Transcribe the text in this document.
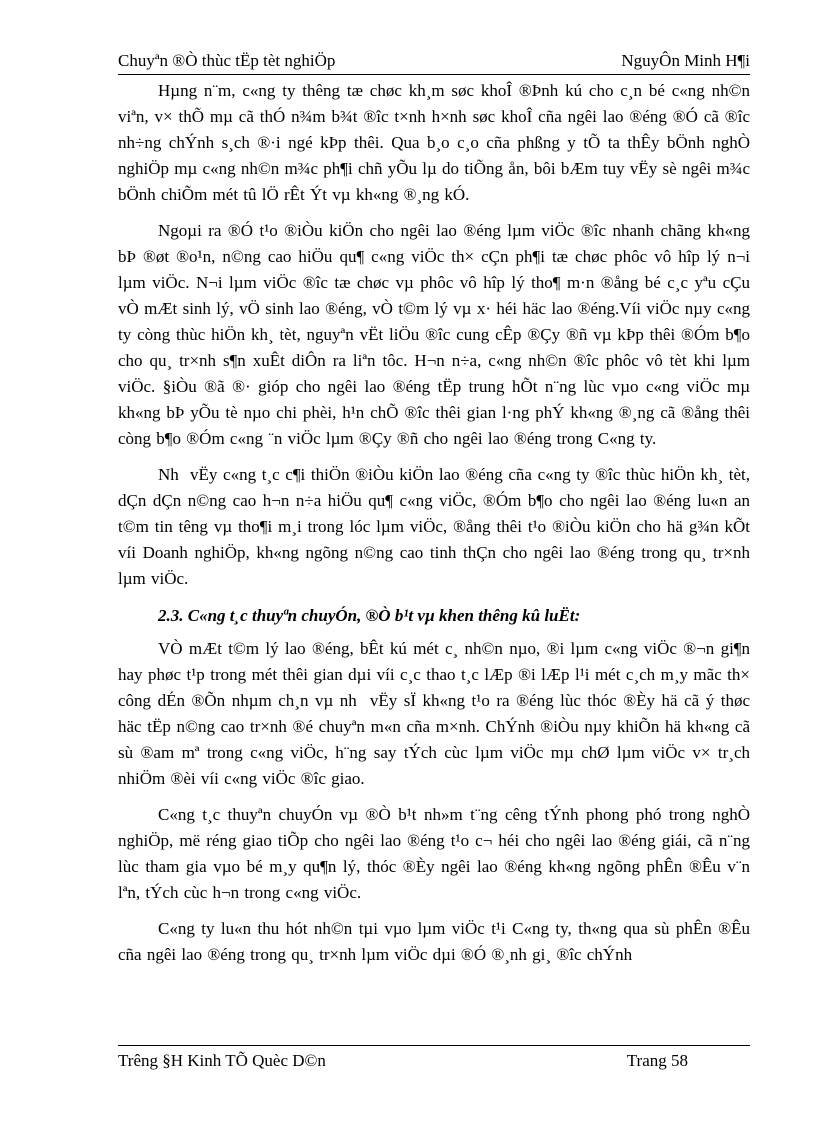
Chuyªn ®Ò thùc tËp tèt nghiÖp	NguyÔn Minh H¶i

Hµng n¨m, c«ng ty thêng tæ chøc kh¸m søc khoÎ ®Þnh kú cho c¸n bé c«ng nh©n viªn, v× thÕ mµ cã thÓ n¾m b¾t ®îc t×nh h×nh søc khoÎ cña ngêi lao ®éng ®Ó cã ®îc nh÷ng chÝnh s¸ch ®·i ngé kÞp thêi. Qua b¸o c¸o cña phßng y tÕ ta thÊy bÖnh nghÒ nghiÖp mµ c«ng nh©n m¾c ph¶i chñ yÕu lµ do tiÕng ån, bôi bÆm tuy vËy sè ngêi m¾c bÖnh chiÕm mét tû lÖ rÊt Ýt vµ kh«ng ®¸ng kÓ.

Ngoµi ra ®Ó t¹o ®iÒu kiÖn cho ngêi lao ®éng lµm viÖc ®îc nhanh chãng kh«ng bÞ ®øt ®o¹n, n©ng cao hiÖu qu¶ c«ng viÖc th× cÇn ph¶i tæ chøc phôc vô hîp lý n¬i lµm viÖc. N¬i lµm viÖc ®îc tæ chøc vµ phôc vô hîp lý tho¶ m·n ®ång bé c¸c yªu cÇu vÒ mÆt sinh lý, vÖ sinh lao ®éng, vÒ t©m lý vµ x· héi häc lao ®éng.Víi viÖc nµy c«ng ty còng thùc hiÖn kh¸ tèt, nguyªn vËt liÖu ®îc cung cÊp ®Çy ®ñ vµ kÞp thêi ®Óm b¶o cho qu¸ tr×nh s¶n xuÊt diÔn ra liªn tôc. H¬n n÷a, c«ng nh©n ®îc phôc vô tèt khi lµm viÖc. §iÒu ®ã ®· gióp cho ngêi lao ®éng tËp trung hÕt n¨ng lùc vµo c«ng viÖc mµ kh«ng bÞ yÕu tè nµo chi phèi, h¹n chÕ ®îc thêi gian l·ng phÝ kh«ng ®¸ng cã ®ång thêi còng b¶o ®Óm c«ng ¨n viÖc lµm ®Çy ®ñ cho ngêi lao ®éng trong C«ng ty.

Nh  vËy c«ng t¸c c¶i thiÖn ®iÒu kiÖn lao ®éng cña c«ng ty ®îc thùc hiÖn kh¸ tèt, dÇn dÇn n©ng cao h¬n n÷a hiÖu qu¶ c«ng viÖc, ®Óm b¶o cho ngêi lao ®éng lu«n an t©m tin têng vµ tho¶i m¸i trong lóc lµm viÖc, ®ång thêi t¹o ®iÒu kiÖn cho hä g¾n kÕt víi Doanh nghiÖp, kh«ng ngõng n©ng cao tinh thÇn cho ngêi lao ®éng trong qu¸ tr×nh lµm viÖc.

2.3. C«ng t¸c thuyªn chuyÓn, ®Ò b¹t vµ khen thêng kû luËt:

VÒ mÆt t©m lý lao ®éng, bÊt kú mét c¸ nh©n nµo, ®i lµm c«ng viÖc ®¬n gi¶n hay phøc t¹p trong mét thêi gian dµi víi c¸c thao t¸c lÆp ®i lÆp l¹i mét c¸ch m¸y mãc th× công dÉn ®Õn nhµm ch¸n vµ nh  vËy sÏ kh«ng t¹o ra ®éng lùc thóc ®Èy hä cã ý thøc häc tËp n©ng cao tr×nh ®é chuyªn m«n cña m×nh. ChÝnh ®iÒu nµy khiÕn hä kh«ng cã sù ®am mª trong c«ng viÖc, h¨ng say tÝch cùc lµm viÖc mµ chØ lµm viÖc v× tr¸ch nhiÖm ®èi víi c«ng viÖc ®îc giao.

C«ng t¸c thuyªn chuyÓn vµ ®Ò b¹t nh»m t¨ng cêng tÝnh phong phó trong nghÒ nghiÖp, më réng giao tiÕp cho ngêi lao ®éng t¹o c¬ héi cho ngêi lao ®éng giái, cã n¨ng lùc tham gia vµo bé m¸y qu¶n lý, thóc ®Èy ngêi lao ®éng kh«ng ngõng phÊn ®Êu v¨n lªn, tÝch cùc h¬n trong c«ng viÖc.

C«ng ty lu«n thu hót nh©n tµi vµo lµm viÖc t¹i C«ng ty, th«ng qua sù phÊn ®Êu cña ngêi lao ®éng trong qu¸ tr×nh lµm viÖc dµi ®Ó ®¸nh gi¸ ®îc chÝnh

Trêng §H Kinh TÕ Quèc D©n	Trang 58
